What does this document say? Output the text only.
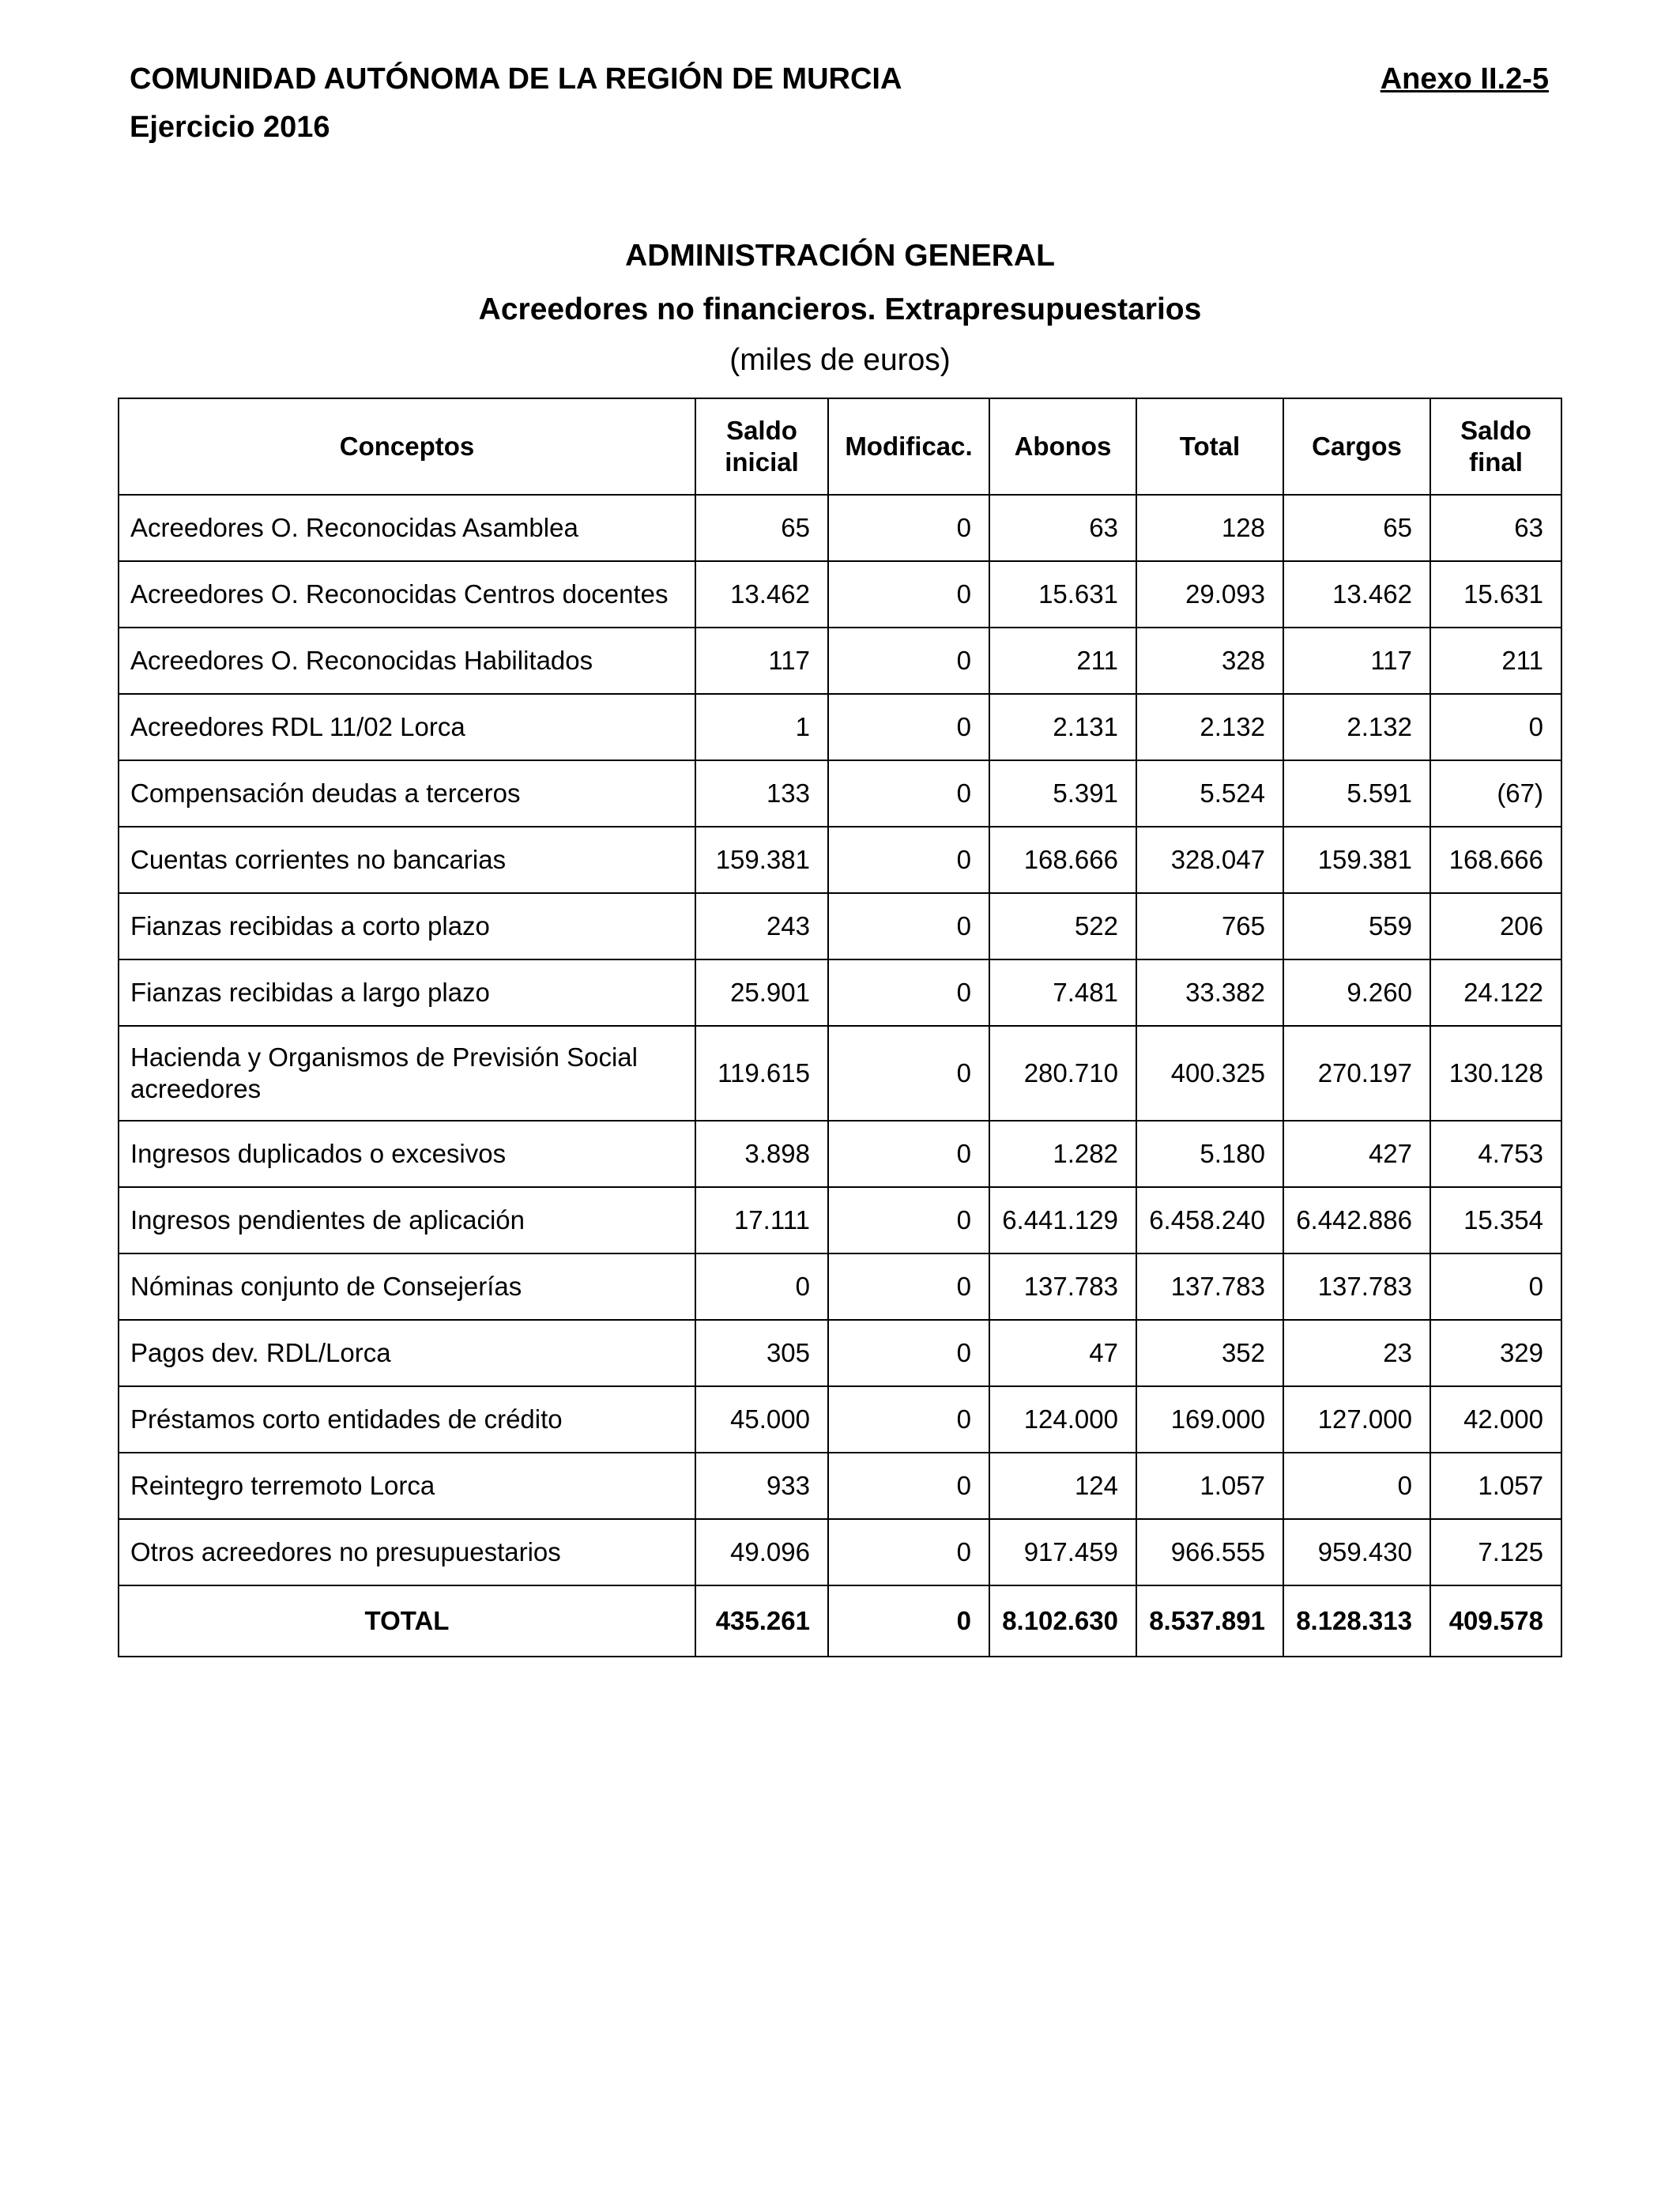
COMUNIDAD AUTÓNOMA DE LA REGIÓN DE MURCIA
Ejercicio 2016
Anexo II.2-5
ADMINISTRACIÓN GENERAL
Acreedores no financieros. Extrapresupuestarios
(miles de euros)
Conceptos	Saldo inicial	Modificac.	Abonos	Total	Cargos	Saldo final
Acreedores O. Reconocidas Asamblea	65	0	63	128	65	63
Acreedores O. Reconocidas Centros docentes	13.462	0	15.631	29.093	13.462	15.631
Acreedores O. Reconocidas Habilitados	117	0	211	328	117	211
Acreedores RDL 11/02 Lorca	1	0	2.131	2.132	2.132	0
Compensación deudas a terceros	133	0	5.391	5.524	5.591	(67)
Cuentas corrientes no bancarias	159.381	0	168.666	328.047	159.381	168.666
Fianzas recibidas a corto plazo	243	0	522	765	559	206
Fianzas recibidas a largo plazo	25.901	0	7.481	33.382	9.260	24.122
Hacienda y Organismos de Previsión Social acreedores	119.615	0	280.710	400.325	270.197	130.128
Ingresos duplicados o excesivos	3.898	0	1.282	5.180	427	4.753
Ingresos pendientes de aplicación	17.111	0	6.441.129	6.458.240	6.442.886	15.354
Nóminas conjunto de Consejerías	0	0	137.783	137.783	137.783	0
Pagos dev. RDL/Lorca	305	0	47	352	23	329
Préstamos corto entidades de crédito	45.000	0	124.000	169.000	127.000	42.000
Reintegro terremoto Lorca	933	0	124	1.057	0	1.057
Otros acreedores no presupuestarios	49.096	0	917.459	966.555	959.430	7.125
TOTAL	435.261	0	8.102.630	8.537.891	8.128.313	409.578
